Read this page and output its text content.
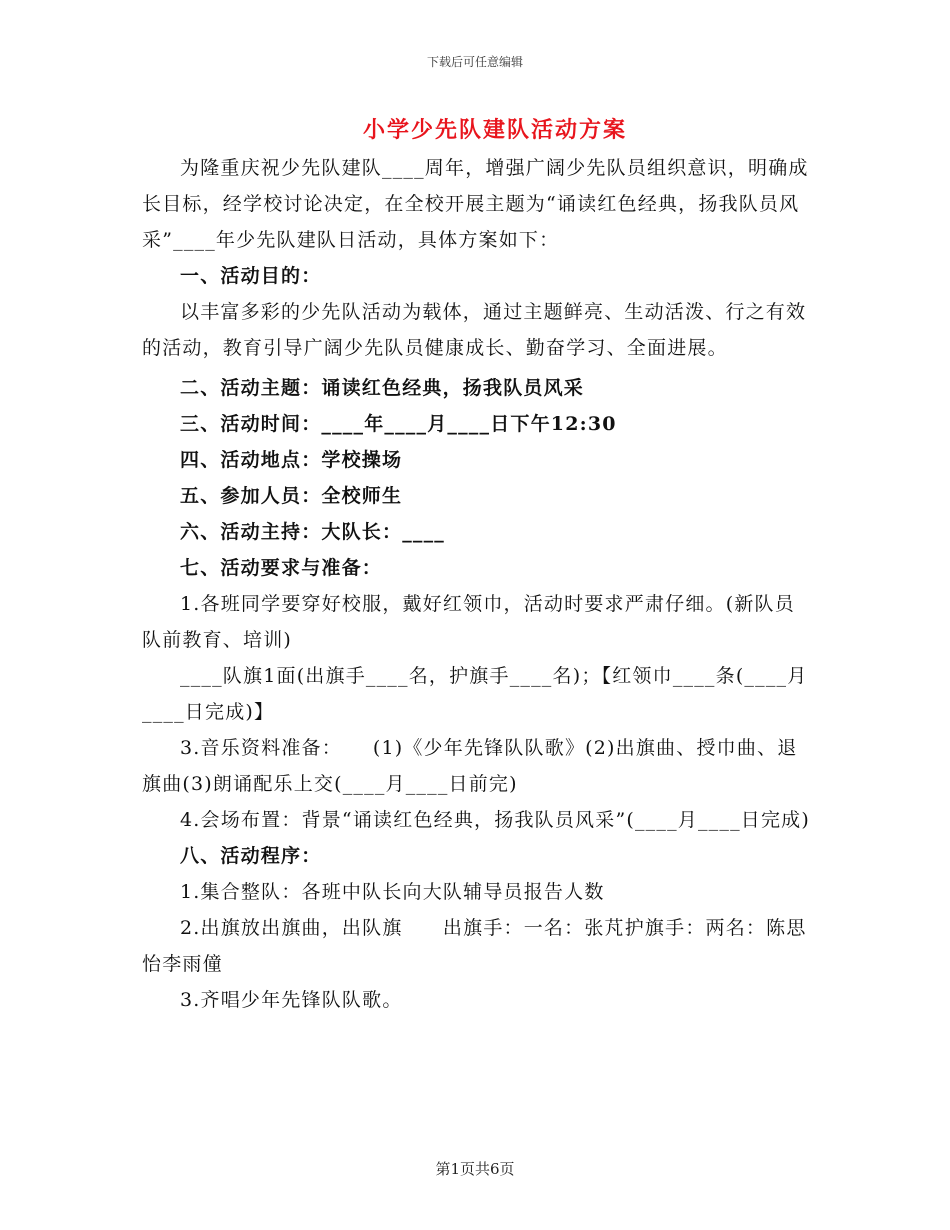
下载后可任意编辑
小学少先队建队活动方案

为隆重庆祝少先队建队____周年，增强广阔少先队员组织意识，明确成长目标，经学校讨论决定，在全校开展主题为“诵读红色经典，扬我队员风采”____年少先队建队日活动，具体方案如下：

一、活动目的：

以丰富多彩的少先队活动为载体，通过主题鲜亮、生动活泼、行之有效的活动，教育引导广阔少先队员健康成长、勤奋学习、全面进展。

二、活动主题：诵读红色经典，扬我队员风采

三、活动时间：____年____月____日下午12:30

四、活动地点：学校操场

五、参加人员：全校师生

六、活动主持：大队长：____

七、活动要求与准备：

1.各班同学要穿好校服，戴好红领巾，活动时要求严肃仔细。(新队员队前教育、培训)

____队旗1面(出旗手____名，护旗手____名)；【红领巾____条(____月____日完成)】

3.音乐资料准备：　　(1)《少年先锋队队歌》(2)出旗曲、授巾曲、退旗曲(3)朗诵配乐上交(____月____日前完)

4.会场布置：背景“诵读红色经典，扬我队员风采”(____月____日完成)

八、活动程序：

1.集合整队：各班中队长向大队辅导员报告人数

2.出旗放出旗曲，出队旗　　出旗手：一名：张芃护旗手：两名：陈思怡李雨僮

3.齐唱少年先锋队队歌。

第1页共6页
